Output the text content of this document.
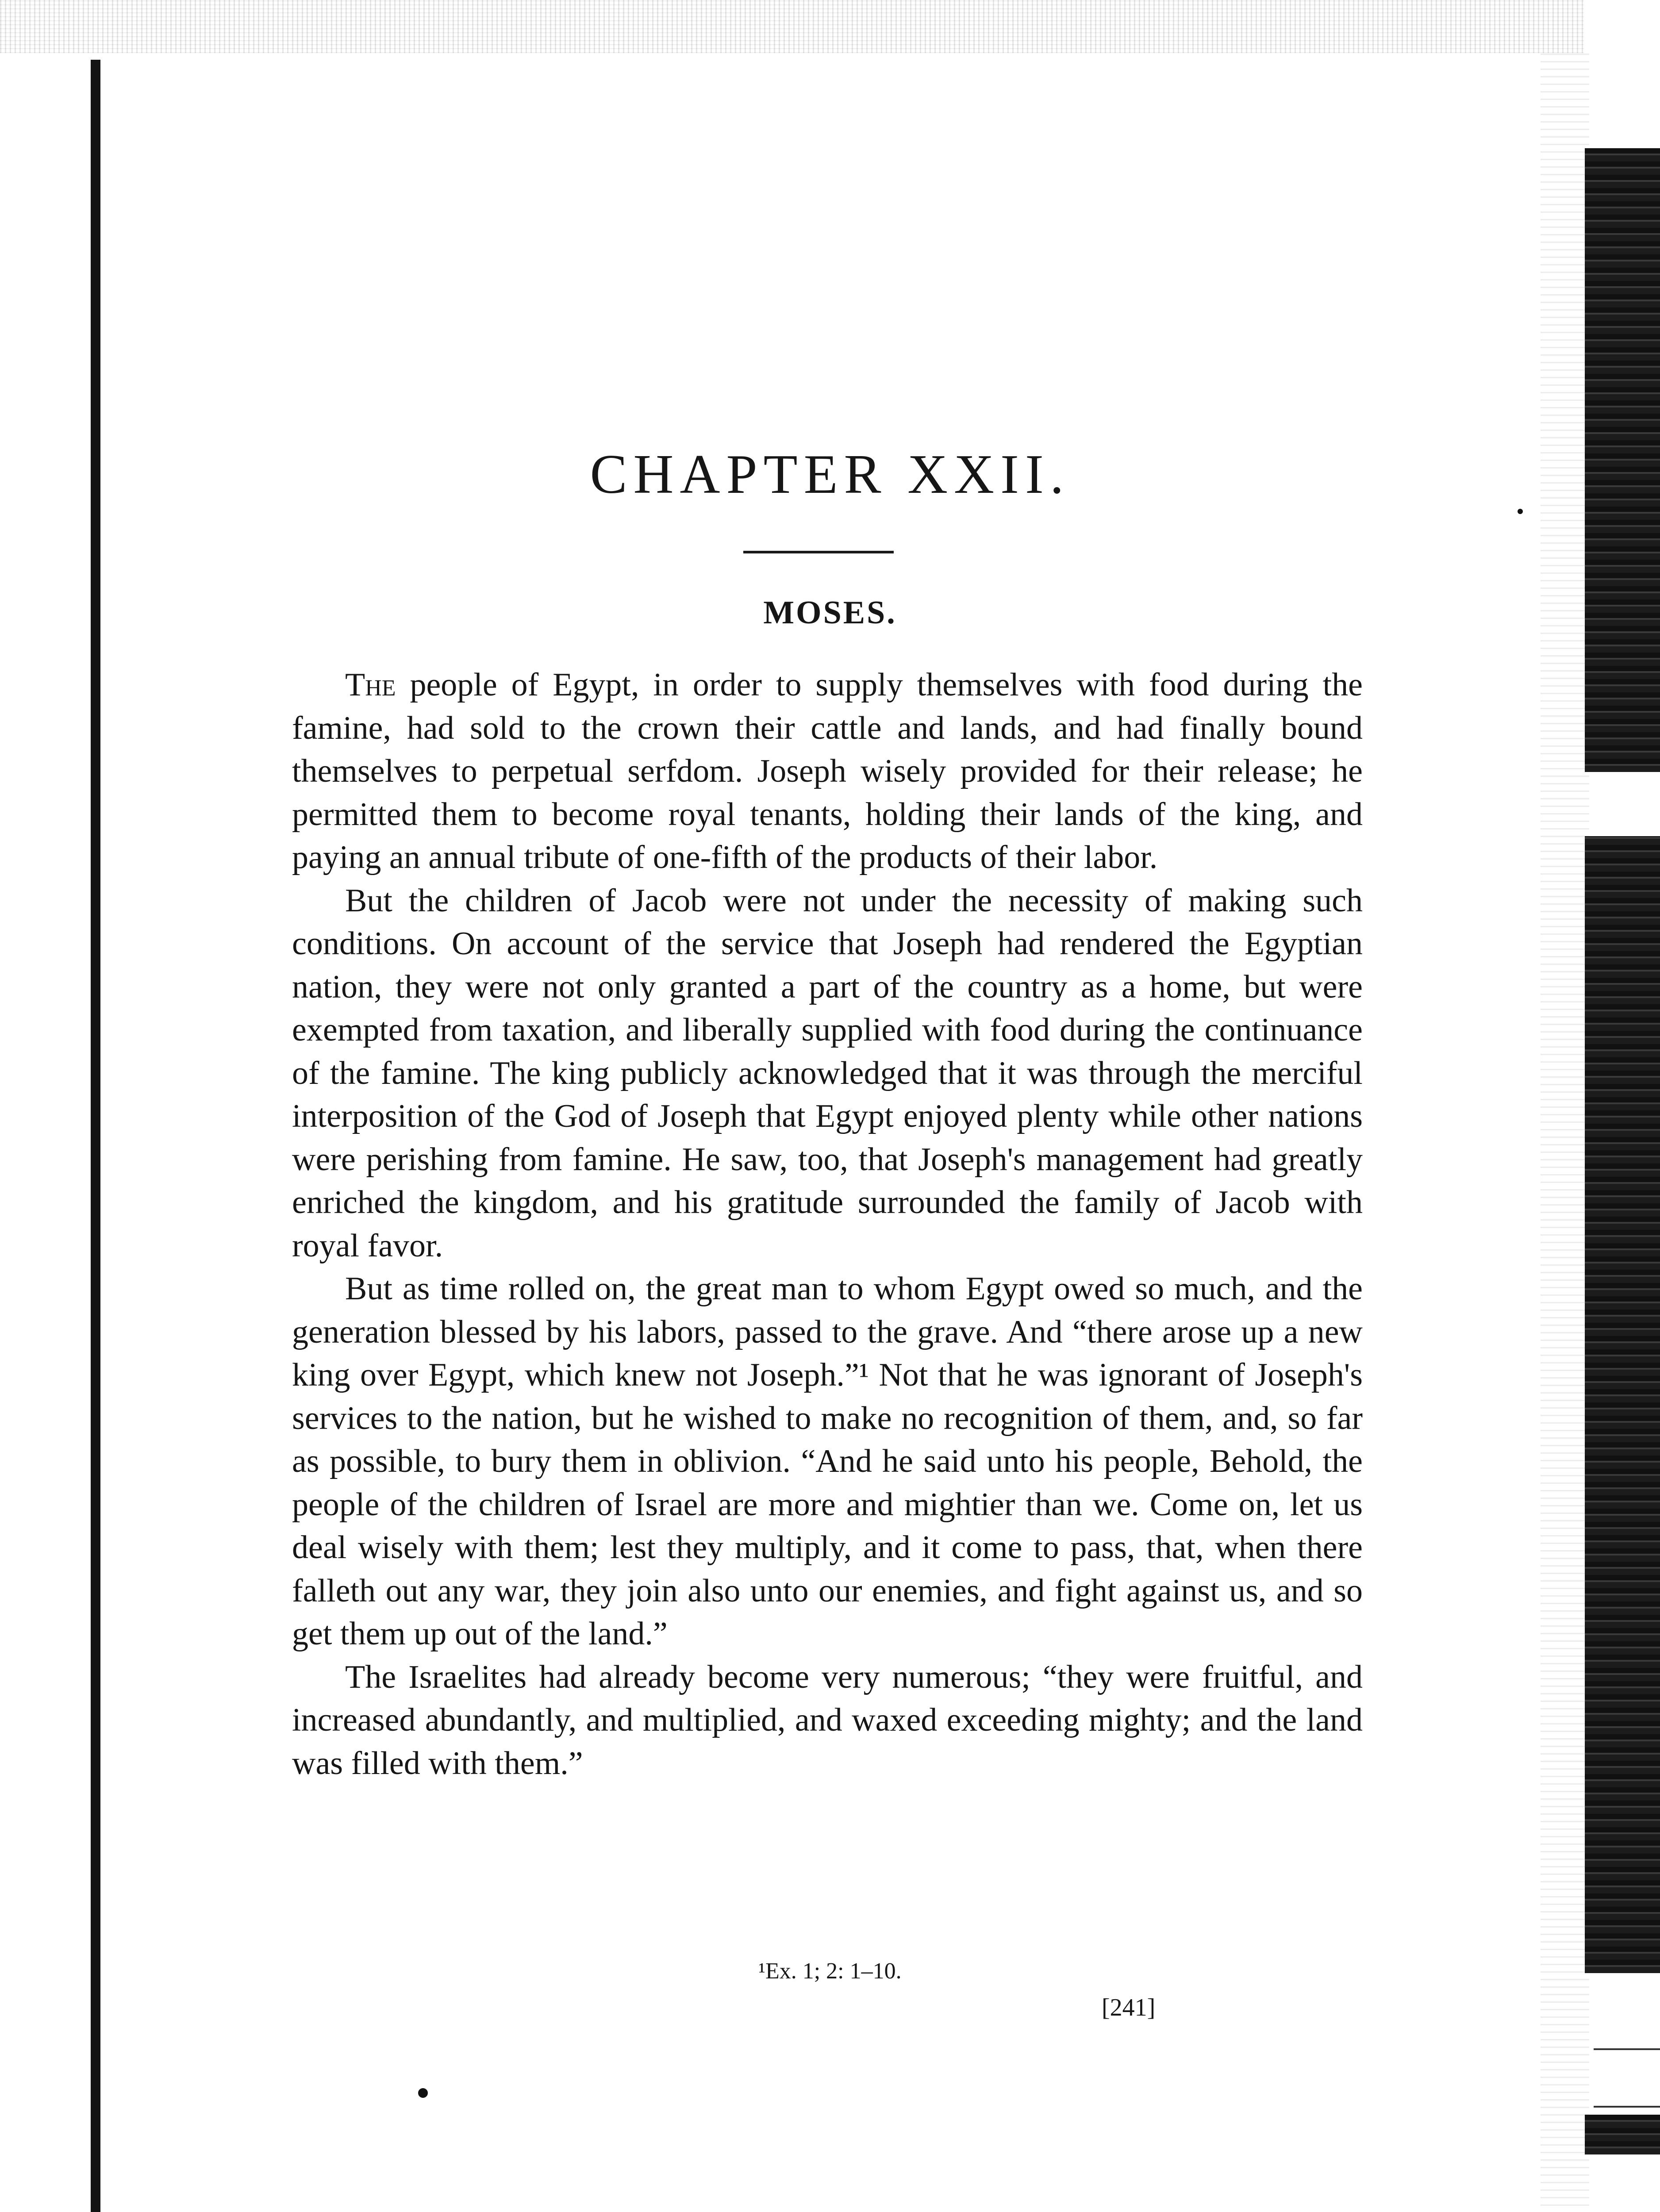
CHAPTER XXII.
MOSES.

The people of Egypt, in order to supply themselves with food during the famine, had sold to the crown their cattle and lands, and had finally bound themselves to perpetual serfdom. Joseph wisely provided for their release; he permitted them to become royal tenants, holding their lands of the king, and paying an annual tribute of one-fifth of the products of their labor.

But the children of Jacob were not under the necessity of making such conditions. On account of the service that Joseph had rendered the Egyptian nation, they were not only granted a part of the country as a home, but were exempted from taxation, and liberally supplied with food during the continuance of the famine. The king publicly acknowledged that it was through the merciful interposition of the God of Joseph that Egypt enjoyed plenty while other nations were perishing from famine. He saw, too, that Joseph's management had greatly enriched the kingdom, and his gratitude surrounded the family of Jacob with royal favor.

But as time rolled on, the great man to whom Egypt owed so much, and the generation blessed by his labors, passed to the grave. And “there arose up a new king over Egypt, which knew not Joseph.”¹ Not that he was ignorant of Joseph's services to the nation, but he wished to make no recognition of them, and, so far as possible, to bury them in oblivion. “And he said unto his people, Behold, the people of the children of Israel are more and mightier than we. Come on, let us deal wisely with them; lest they multiply, and it come to pass, that, when there falleth out any war, they join also unto our enemies, and fight against us, and so get them up out of the land.”

The Israelites had already become very numerous; “they were fruitful, and increased abundantly, and multiplied, and waxed exceeding mighty; and the land was filled with them.”

¹Ex. 1; 2: 1–10.

[241]
